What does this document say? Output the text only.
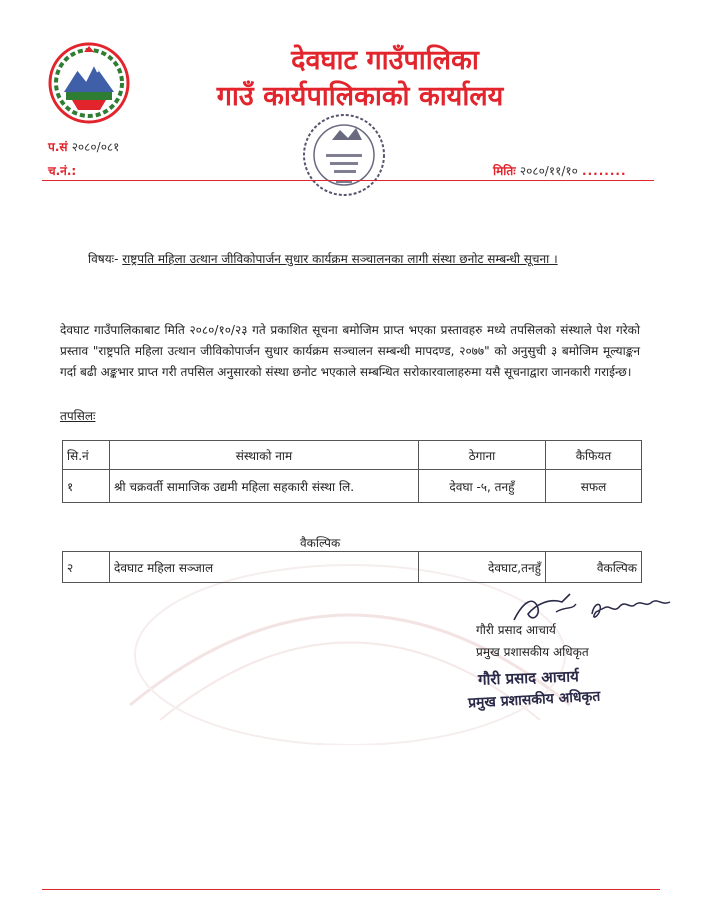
देवघाट गाउँपालिका
गाउँ कार्यपालिकाको कार्यालय
प.सं २०८०/०८१
च.नं.:	मितिः २०८०/११/१० ........
विषयः- राष्ट्रपति महिला उत्थान जीविकोपार्जन सुधार कार्यक्रम सञ्चालनका लागी संस्था छनोट सम्बन्धी सूचना ।
देवघाट गाउँपालिकाबाट मिति २०८०/१०/२३ गते प्रकाशित सूचना बमोजिम प्राप्त भएका प्रस्तावहरु मध्ये तपसिलको संस्थाले पेश गरेको प्रस्ताव "राष्ट्रपति महिला उत्थान जीविकोपार्जन सुधार कार्यक्रम सञ्चालन सम्बन्धी मापदण्ड, २०७७" को अनुसुची ३ बमोजिम मूल्याङ्कन गर्दा बढी अङ्कभार प्राप्त गरी तपसिल अनुसारको संस्था छनोट भएकाले सम्बन्धित सरोकारवालाहरुमा यसै सूचनाद्वारा जानकारी गराईन्छ।
तपसिलः
सि.नं	संस्थाको नाम	ठेगाना	कैफियत
१	श्री चक्रवर्ती सामाजिक उद्यमी महिला सहकारी संस्था लि.	देवघा -५, तनहुँ	सफल
वैकल्पिक
२	देवघाट महिला सञ्जाल	देवघाट,तनहुँ	वैकल्पिक
गौरी प्रसाद आचार्य
प्रमुख प्रशासकीय अधिकृत
गौरी प्रसाद आचार्य
प्रमुख प्रशासकीय अधिकृत
